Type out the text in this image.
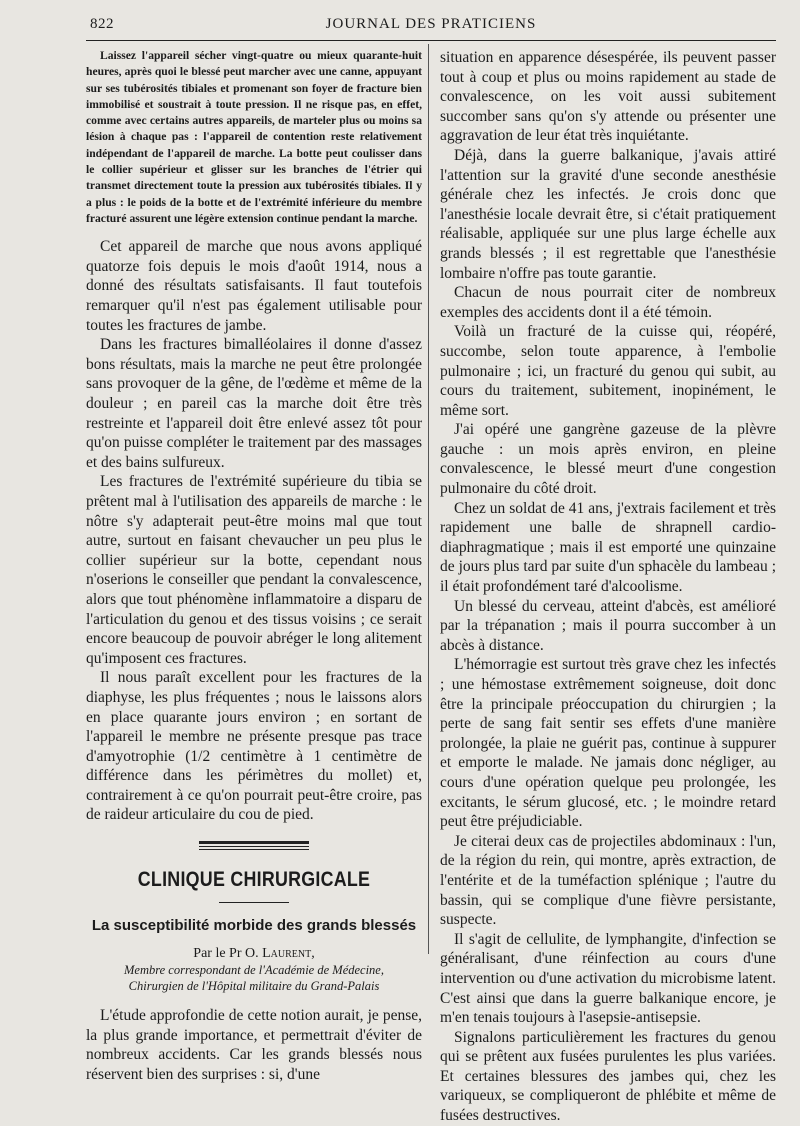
822	JOURNAL DES PRATICIENS

Laissez l'appareil sécher vingt-quatre ou mieux quarante-huit heures, après quoi le blessé peut marcher avec une canne, appuyant sur ses tubérosités tibiales et promenant son foyer de fracture bien immobilisé et soustrait à toute pression. Il ne risque pas, en effet, comme avec certains autres appareils, de marteler plus ou moins sa lésion à chaque pas : l'appareil de contention reste relativement indépendant de l'appareil de marche. La botte peut coulisser dans le collier supérieur et glisser sur les branches de l'étrier qui transmet directement toute la pression aux tubérosités tibiales. Il y a plus : le poids de la botte et de l'extrémité inférieure du membre fracturé assurent une légère extension continue pendant la marche.

Cet appareil de marche que nous avons appliqué quatorze fois depuis le mois d'août 1914, nous a donné des résultats satisfaisants. Il faut toutefois remarquer qu'il n'est pas également utilisable pour toutes les fractures de jambe.

Dans les fractures bimalléolaires il donne d'assez bons résultats, mais la marche ne peut être prolongée sans provoquer de la gêne, de l'œdème et même de la douleur ; en pareil cas la marche doit être très restreinte et l'appareil doit être enlevé assez tôt pour qu'on puisse compléter le traitement par des massages et des bains sulfureux.

Les fractures de l'extrémité supérieure du tibia se prêtent mal à l'utilisation des appareils de marche : le nôtre s'y adapterait peut-être moins mal que tout autre, surtout en faisant chevaucher un peu plus le collier supérieur sur la botte, cependant nous n'oserions le conseiller que pendant la convalescence, alors que tout phénomène inflammatoire a disparu de l'articulation du genou et des tissus voisins ; ce serait encore beaucoup de pouvoir abréger le long alitement qu'imposent ces fractures.

Il nous paraît excellent pour les fractures de la diaphyse, les plus fréquentes ; nous le laissons alors en place quarante jours environ ; en sortant de l'appareil le membre ne présente presque pas trace d'amyotrophie (1/2 centimètre à 1 centimètre de différence dans les périmètres du mollet) et, contrairement à ce qu'on pourrait peut-être croire, pas de raideur articulaire du cou de pied.

CLINIQUE CHIRURGICALE
La susceptibilité morbide des grands blessés
Par le Pr O. Laurent,

Membre correspondant de l'Académie de Médecine,

Chirurgien de l'Hôpital militaire du Grand-Palais

L'étude approfondie de cette notion aurait, je pense, la plus grande importance, et permettrait d'éviter de nombreux accidents. Car les grands blessés nous réservent bien des surprises : si, d'une

situation en apparence désespérée, ils peuvent passer tout à coup et plus ou moins rapidement au stade de convalescence, on les voit aussi subitement succomber sans qu'on s'y attende ou présenter une aggravation de leur état très inquiétante.

Déjà, dans la guerre balkanique, j'avais attiré l'attention sur la gravité d'une seconde anesthésie générale chez les infectés. Je crois donc que l'anesthésie locale devrait être, si c'était pratiquement réalisable, appliquée sur une plus large échelle aux grands blessés ; il est regrettable que l'anesthésie lombaire n'offre pas toute garantie.

Chacun de nous pourrait citer de nombreux exemples des accidents dont il a été témoin.

Voilà un fracturé de la cuisse qui, réopéré, succombe, selon toute apparence, à l'embolie pulmonaire ; ici, un fracturé du genou qui subit, au cours du traitement, subitement, inopinément, le même sort.

J'ai opéré une gangrène gazeuse de la plèvre gauche : un mois après environ, en pleine convalescence, le blessé meurt d'une congestion pulmonaire du côté droit.

Chez un soldat de 41 ans, j'extrais facilement et très rapidement une balle de shrapnell cardio-diaphragmatique ; mais il est emporté une quinzaine de jours plus tard par suite d'un sphacèle du lambeau ; il était profondément taré d'alcoolisme.

Un blessé du cerveau, atteint d'abcès, est amélioré par la trépanation ; mais il pourra succomber à un abcès à distance.

L'hémorragie est surtout très grave chez les infectés ; une hémostase extrêmement soigneuse, doit donc être la principale préoccupation du chirurgien ; la perte de sang fait sentir ses effets d'une manière prolongée, la plaie ne guérit pas, continue à suppurer et emporte le malade. Ne jamais donc négliger, au cours d'une opération quelque peu prolongée, les excitants, le sérum glucosé, etc. ; le moindre retard peut être préjudiciable.

Je citerai deux cas de projectiles abdominaux : l'un, de la région du rein, qui montre, après extraction, de l'entérite et de la tuméfaction splénique ; l'autre du bassin, qui se complique d'une fièvre persistante, suspecte.

Il s'agit de cellulite, de lymphangite, d'infection se généralisant, d'une réinfection au cours d'une intervention ou d'une activation du microbisme latent. C'est ainsi que dans la guerre balkanique encore, je m'en tenais toujours à l'asepsie-antisepsie.

Signalons particulièrement les fractures du genou qui se prêtent aux fusées purulentes les plus variées. Et certaines blessures des jambes qui, chez les variqueux, se compliqueront de phlébite et même de fusées destructives.
